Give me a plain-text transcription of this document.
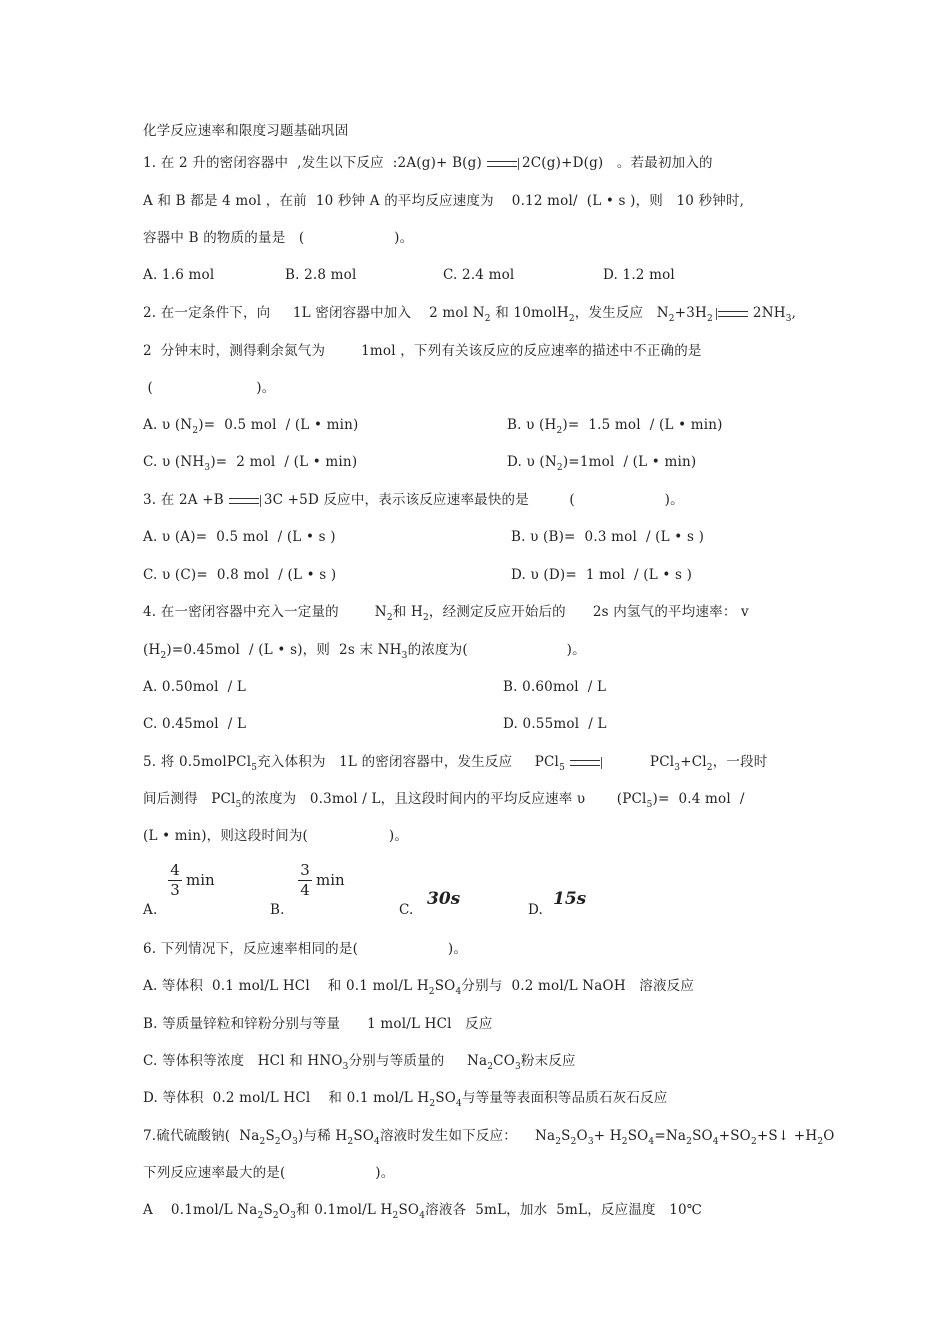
化学反应速率和限度习题基础巩固
1. 在 2 升的密闭容器中  ,发生以下反应  :2A(g)+ B(g) → 2C(g)+D(g)   。若最初加入的
A 和 B 都是 4 mol ，在前  10 秒钟 A 的平均反应速度为    0.12 mol/  (L • s )，则   10 秒钟时,
容器中 B 的物质的量是   (                    )。
A. 1.6 mol	B. 2.8 mol	C. 2.4 mol	D. 1.2 mol
2. 在一定条件下，向     1L 密闭容器中加入    2 mol $N_2$ 和 10molH$_2$，发生反应   $N_2+3H_2$	$2NH_3$,
2  分钟末时，测得剩余氮气为        1mol ，下列有关该反应的反应速率的描述中不正确的是
(                       )。
A. υ $(N_2)= 0.5$ mol  / (L • min)	B. υ $(H_2)= 1.5$ mol  / (L • min)
C. υ $(NH_3)= 2$ mol  / (L • min)	D. υ $(N_2)=1mol / (L$ • min)
3. 在 2A +B → 3C +5D 反应中，表示该反应速率最快的是         (                    )。
A. υ (A)=  0.5 mol  / (L • s )	B. υ (B)=  0.3 mol  / (L • s )
C. υ (C)=  0.8 mol  / (L • s )	D. υ (D)=  1 mol  / (L • s )
4. 在一密闭容器中充入一定量的        $N_2$和 $H_2$，经测定反应开始后的      2s 内氢气的平均速率： v
$(H_2)=0.45mol / (L$ • s)，则  2s 末 $NH_3$的浓度为(                      )。
A. 0.50mol  / L	B. 0.60mol  / L
C. 0.45mol  / L	D. 0.55mol  / L
5. 将 0.5molPCl$_5$充入体积为   1L 的密闭容器中，发生反应     PCl$_5$ →	$PCl_3+Cl_2$，一段时
间后测得   PCl$_5$的浓度为   0.3mol / L，且这段时间内的平均反应速率 υ       (PCl$_5$)=  0.4 mol  /
(L • min)，则这段时间为(                  )。
A.
4
3
min
B.
3
4
min
C.
30s
D.
15s
6. 下列情况下，反应速率相同的是(                    )。
A. 等体积  0.1 mol/L HCl    和 0.1 mol/L $H_2SO_4$分别与  0.2 mol/L NaOH   溶液反应
B. 等质量锌粒和锌粉分别与等量      1 mol/L HCl   反应
C. 等体积等浓度   HCl 和 $HNO_3$分别与等质量的     $Na_2CO_3$粉末反应
D. 等体积  0.2 mol/L HCl    和 0.1 mol/L $H_2SO_4$与等量等表面积等品质石灰石反应
7.硫代硫酸钠(  $Na_2S_2O_3$)与稀 $H_2SO_4$溶液时发生如下反应：    $Na_2S_2O_3+$ $H_2SO_4=Na_2SO_4+SO_2+S↓ +H_2O$
下列反应速率最大的是(                    )。
A    0.1mol/L $Na_2S_2O_3$和 0.1mol/L $H_2SO_4$溶液各  5mL，加水  5mL，反应温度   10℃
